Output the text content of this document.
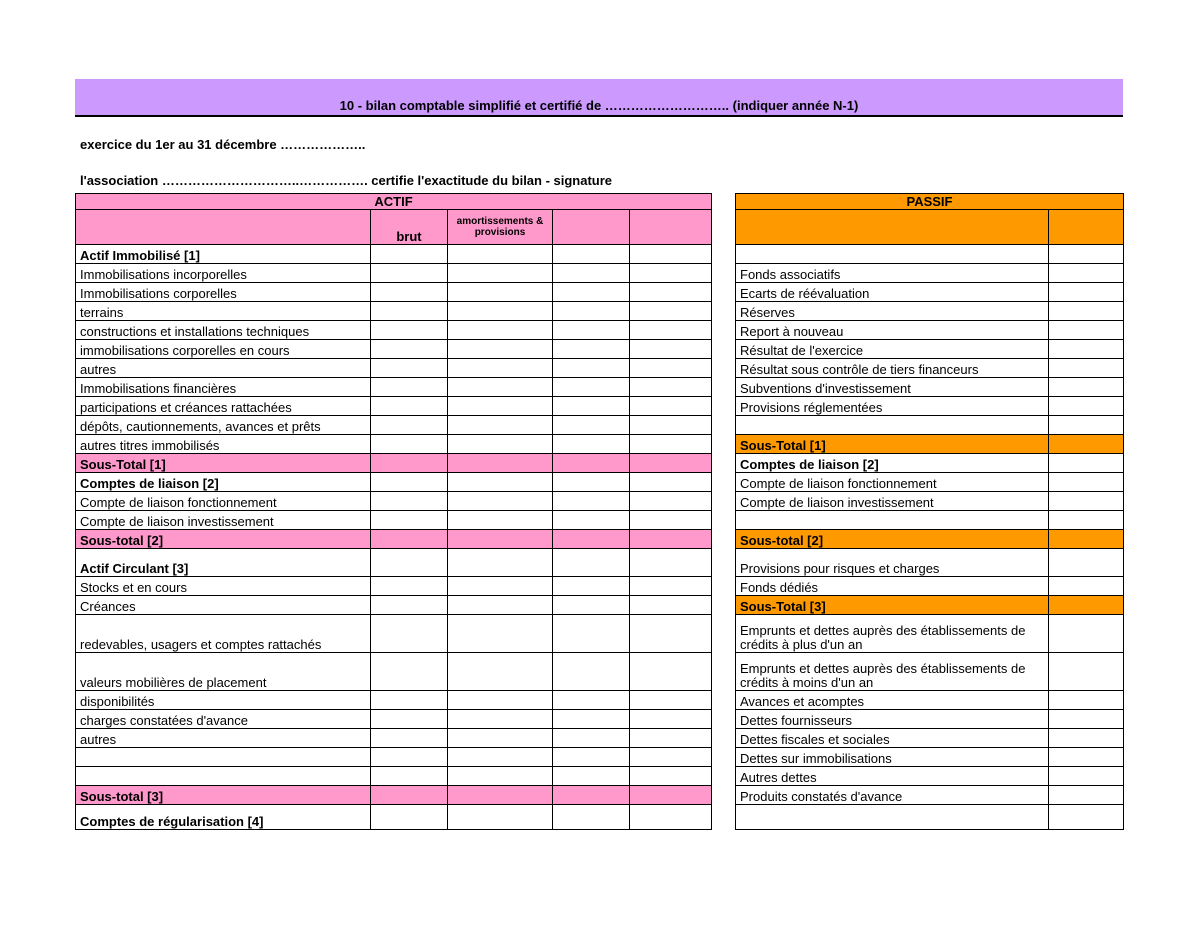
10 - bilan comptable simplifié et certifié de ……………………….. (indiquer année N-1)
exercice du 1er au 31 décembre ………………..
l'association …………………………..……………. certifie l'exactitude du bilan - signature
ACTIF				
	brut	amortissements & provisions		
Actif Immobilisé [1]				
Immobilisations incorporelles				
Immobilisations corporelles				
terrains				
constructions et installations techniques				
immobilisations corporelles en cours				
autres				
Immobilisations financières				
participations et créances rattachées				
dépôts, cautionnements, avances et prêts				
autres titres immobilisés				
Sous-Total [1]				
Comptes de liaison [2]				
Compte de liaison fonctionnement				
Compte de liaison investissement				
Sous-total [2]				
Actif Circulant [3]				
Stocks et en cours				
Créances				
redevables, usagers et comptes rattachés				
valeurs mobilières de placement				
disponibilités				
charges constatées d'avance				
autres				

Sous-total [3]				
Comptes de régularisation [4]				
PASSIF	

Fonds associatifs	
Ecarts de réévaluation	
Réserves	
Report à nouveau	
Résultat de l'exercice	
Résultat sous contrôle de tiers financeurs	
Subventions d'investissement	
Provisions réglementées	

Sous-Total [1]	
Comptes de liaison [2]	
Compte de liaison fonctionnement	
Compte de liaison investissement	

Sous-total [2]	
Provisions pour risques et charges	
Fonds dédiés	
Sous-Total [3]	
Emprunts et dettes auprès des établissements de crédits à plus d'un an	
Emprunts et dettes auprès des établissements de crédits à moins d'un an	
Avances et acomptes	
Dettes fournisseurs	
Dettes fiscales et sociales	
Dettes sur immobilisations	
Autres dettes	
Produits constatés d'avance	
